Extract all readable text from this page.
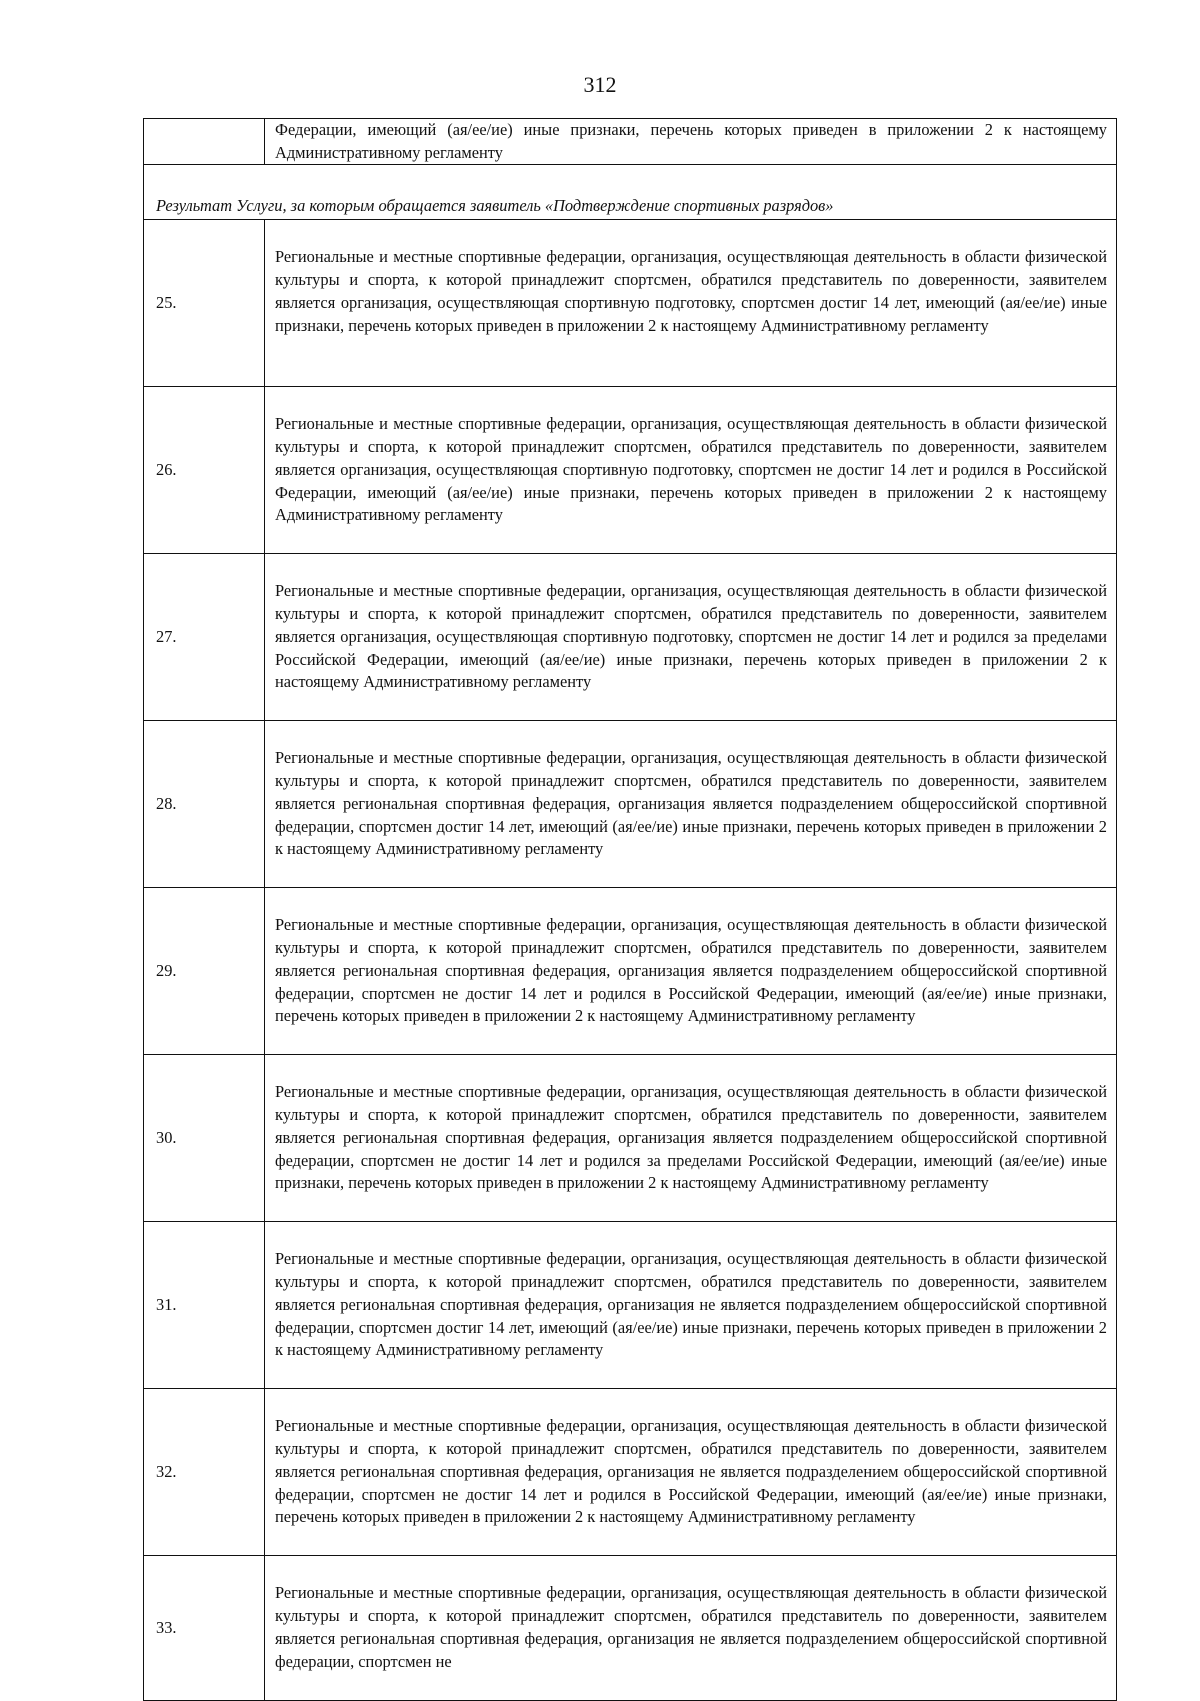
312
	Федерации, имеющий (ая/ее/ие) иные признаки, перечень которых приведен в приложении 2 к настоящему Административному регламенту

Результат Услуги, за которым обращается заявитель «Подтверждение спортивных разрядов»	
25.	Региональные и местные спортивные федерации, организация, осуществляющая деятельность в области физической культуры и спорта, к которой принадлежит спортсмен, обратился представитель по доверенности, заявителем является организация, осуществляющая спортивную подготовку, спортсмен достиг 14 лет, имеющий (ая/ее/ие) иные признаки, перечень которых приведен в приложении 2 к настоящему Административному регламенту
26.	Региональные и местные спортивные федерации, организация, осуществляющая деятельность в области физической культуры и спорта, к которой принадлежит спортсмен, обратился представитель по доверенности, заявителем является организация, осуществляющая спортивную подготовку, спортсмен не достиг 14 лет и родился в Российской Федерации, имеющий (ая/ее/ие) иные признаки, перечень которых приведен в приложении 2 к настоящему Административному регламенту
27.	Региональные и местные спортивные федерации, организация, осуществляющая деятельность в области физической культуры и спорта, к которой принадлежит спортсмен, обратился представитель по доверенности, заявителем является организация, осуществляющая спортивную подготовку, спортсмен не достиг 14 лет и родился за пределами Российской Федерации, имеющий (ая/ее/ие) иные признаки, перечень которых приведен в приложении 2 к настоящему Административному регламенту
28.	Региональные и местные спортивные федерации, организация, осуществляющая деятельность в области физической культуры и спорта, к которой принадлежит спортсмен, обратился представитель по доверенности, заявителем является региональная спортивная федерация, организация является подразделением общероссийской спортивной федерации, спортсмен достиг 14 лет, имеющий (ая/ее/ие) иные признаки, перечень которых приведен в приложении 2 к настоящему Административному регламенту
29.	Региональные и местные спортивные федерации, организация, осуществляющая деятельность в области физической культуры и спорта, к которой принадлежит спортсмен, обратился представитель по доверенности, заявителем является региональная спортивная федерация, организация является подразделением общероссийской спортивной федерации, спортсмен не достиг 14 лет и родился в Российской Федерации, имеющий (ая/ее/ие) иные признаки, перечень которых приведен в приложении 2 к настоящему Административному регламенту
30.	Региональные и местные спортивные федерации, организация, осуществляющая деятельность в области физической культуры и спорта, к которой принадлежит спортсмен, обратился представитель по доверенности, заявителем является региональная спортивная федерация, организация является подразделением общероссийской спортивной федерации, спортсмен не достиг 14 лет и родился за пределами Российской Федерации, имеющий (ая/ее/ие) иные признаки, перечень которых приведен в приложении 2 к настоящему Административному регламенту
31.	Региональные и местные спортивные федерации, организация, осуществляющая деятельность в области физической культуры и спорта, к которой принадлежит спортсмен, обратился представитель по доверенности, заявителем является региональная спортивная федерация, организация не является подразделением общероссийской спортивной федерации, спортсмен достиг 14 лет, имеющий (ая/ее/ие) иные признаки, перечень которых приведен в приложении 2 к настоящему Административному регламенту
32.	Региональные и местные спортивные федерации, организация, осуществляющая деятельность в области физической культуры и спорта, к которой принадлежит спортсмен, обратился представитель по доверенности, заявителем является региональная спортивная федерация, организация не является подразделением общероссийской спортивной федерации, спортсмен не достиг 14 лет и родился в Российской Федерации, имеющий (ая/ее/ие) иные признаки, перечень которых приведен в приложении 2 к настоящему Административному регламенту
33.	Региональные и местные спортивные федерации, организация, осуществляющая деятельность в области физической культуры и спорта, к которой принадлежит спортсмен, обратился представитель по доверенности, заявителем является региональная спортивная федерация, организация не является подразделением общероссийской спортивной федерации, спортсмен не
